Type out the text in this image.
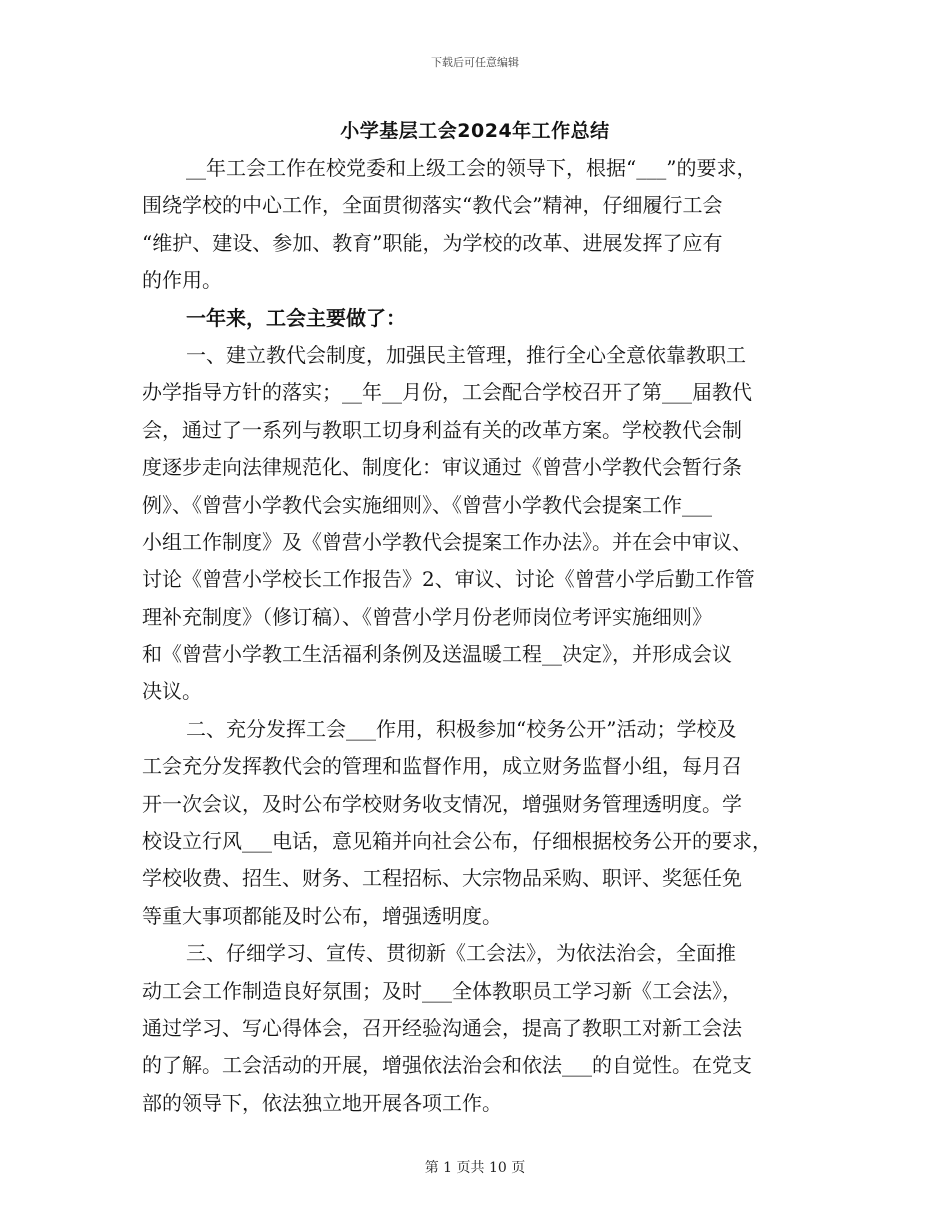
下载后可任意编辑
小学基层工会2024年工作总结
__年工会工作在校党委和上级工会的领导下，根据“___”的要求，
围绕学校的中心工作，全面贯彻落实“教代会”精神，仔细履行工会
“维护、建设、参加、教育”职能，为学校的改革、进展发挥了应有
的作用。
一年来，工会主要做了：
一、建立教代会制度，加强民主管理，推行全心全意依靠教职工
办学指导方针的落实；__年__月份，工会配合学校召开了第___届教代
会，通过了一系列与教职工切身利益有关的改革方案。学校教代会制
度逐步走向法律规范化、制度化：审议通过《曾营小学教代会暂行条
例》、《曾营小学教代会实施细则》、《曾营小学教代会提案工作___
小组工作制度》及《曾营小学教代会提案工作办法》。并在会中审议、
讨论《曾营小学校长工作报告》2、审议、讨论《曾营小学后勤工作管
理补充制度》（修订稿）、《曾营小学月份老师岗位考评实施细则》
和《曾营小学教工生活福利条例及送温暖工程__决定》，并形成会议
决议。
二、充分发挥工会___作用，积极参加“校务公开”活动；学校及
工会充分发挥教代会的管理和监督作用，成立财务监督小组，每月召
开一次会议，及时公布学校财务收支情况，增强财务管理透明度。学
校设立行风___电话，意见箱并向社会公布，仔细根据校务公开的要求，
学校收费、招生、财务、工程招标、大宗物品采购、职评、奖惩任免
等重大事项都能及时公布，增强透明度。
三、仔细学习、宣传、贯彻新《工会法》，为依法治会，全面推
动工会工作制造良好氛围；及时___全体教职员工学习新《工会法》，
通过学习、写心得体会，召开经验沟通会，提高了教职工对新工会法
的了解。工会活动的开展，增强依法治会和依法___的自觉性。在党支
部的领导下，依法独立地开展各项工作。
第 1 页共 10 页
